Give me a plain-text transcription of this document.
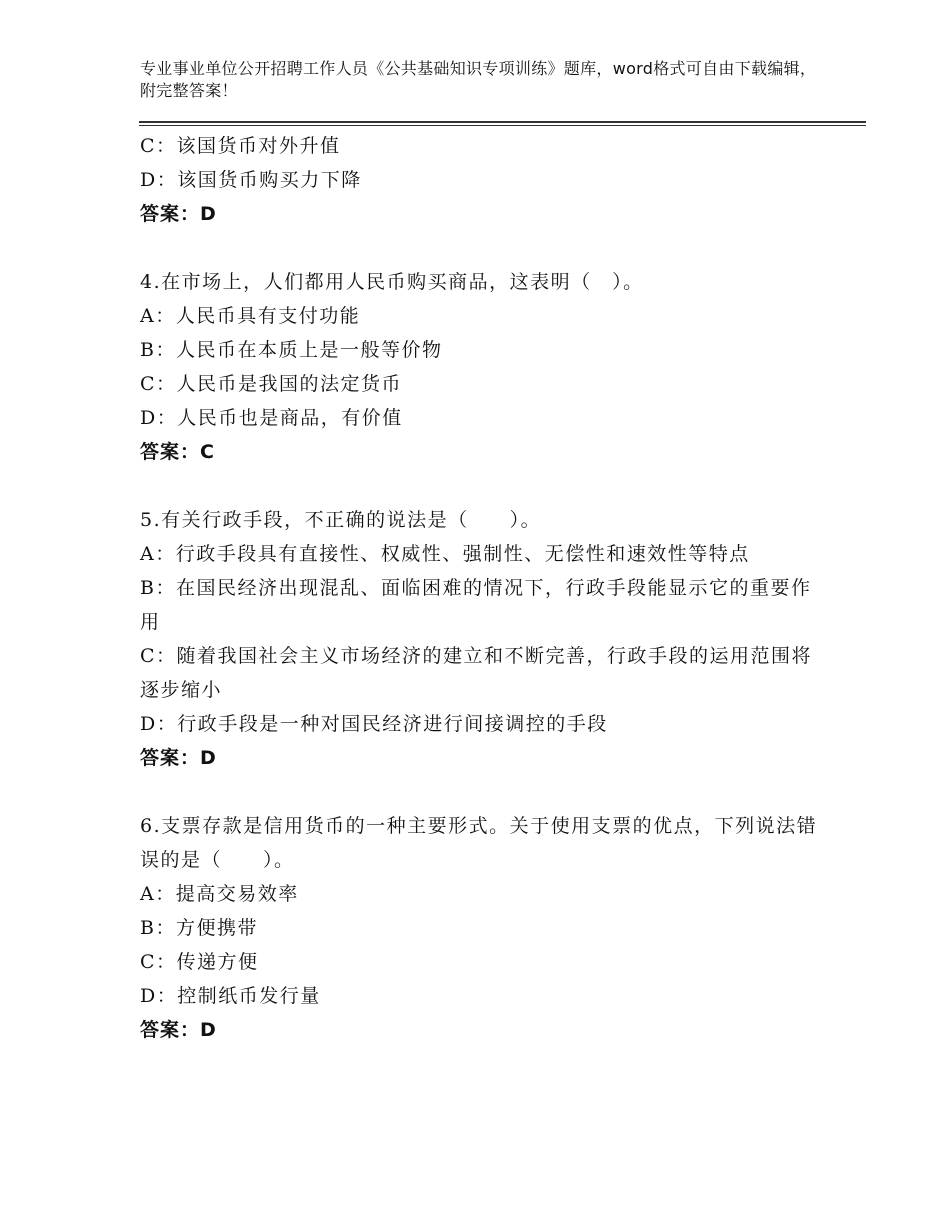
专业事业单位公开招聘工作人员《公共基础知识专项训练》题库，word格式可自由下载编辑，附完整答案！

C：该国货币对外升值

D：该国货币购买力下降

答案：D

4.在市场上，人们都用人民币购买商品，这表明（　）。

A：人民币具有支付功能

B：人民币在本质上是一般等价物

C：人民币是我国的法定货币

D：人民币也是商品，有价值

答案：C

5.有关行政手段，不正确的说法是（　　）。

A：行政手段具有直接性、权威性、强制性、无偿性和速效性等特点

B：在国民经济出现混乱、面临困难的情况下，行政手段能显示它的重要作用

C：随着我国社会主义市场经济的建立和不断完善，行政手段的运用范围将逐步缩小

D：行政手段是一种对国民经济进行间接调控的手段

答案：D

6.支票存款是信用货币的一种主要形式。关于使用支票的优点，下列说法错误的是（　　）。

A：提高交易效率

B：方便携带

C：传递方便

D：控制纸币发行量

答案：D
